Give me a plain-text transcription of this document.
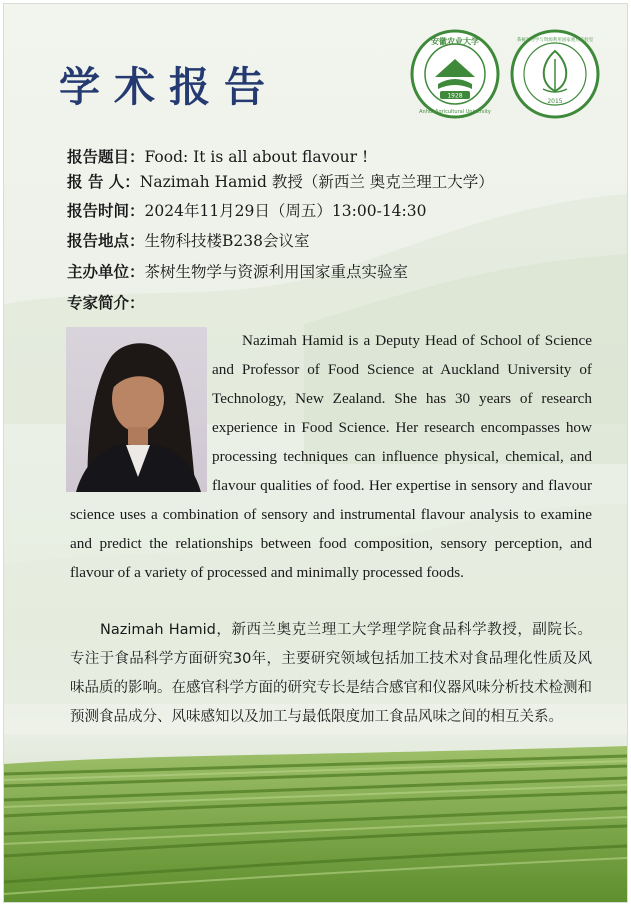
学术报告	1928
安徽农业大学
Anhui Agricultural University
2015
茶树生物学与资源利用国家重点实验室
报告题目：Food: It is all about flavour !
报 告 人：Nazimah Hamid 教授（新西兰 奥克兰理工大学）
报告时间：2024年11月29日（周五）13:00-14:30
报告地点：生物科技楼B238会议室
主办单位：茶树生物学与资源利用国家重点实验室
专家简介：

Nazimah Hamid is a Deputy Head of School of Science and Professor of Food Science at Auckland University of Technology, New Zealand. She has 30 years of research experience in Food Science. Her research encompasses how processing techniques can influence physical, chemical, and flavour qualities of food. Her expertise in sensory and flavour science uses a combination of sensory and instrumental flavour analysis to examine and predict the relationships between food composition, sensory perception, and flavour of a variety of processed and minimally processed foods.

Nazimah Hamid，新西兰奥克兰理工大学理学院食品科学教授，副院长。专注于食品科学方面研究30年，主要研究领域包括加工技术对食品理化性质及风味品质的影响。在感官科学方面的研究专长是结合感官和仪器风味分析技术检测和预测食品成分、风味感知以及加工与最低限度加工食品风味之间的相互关系。
